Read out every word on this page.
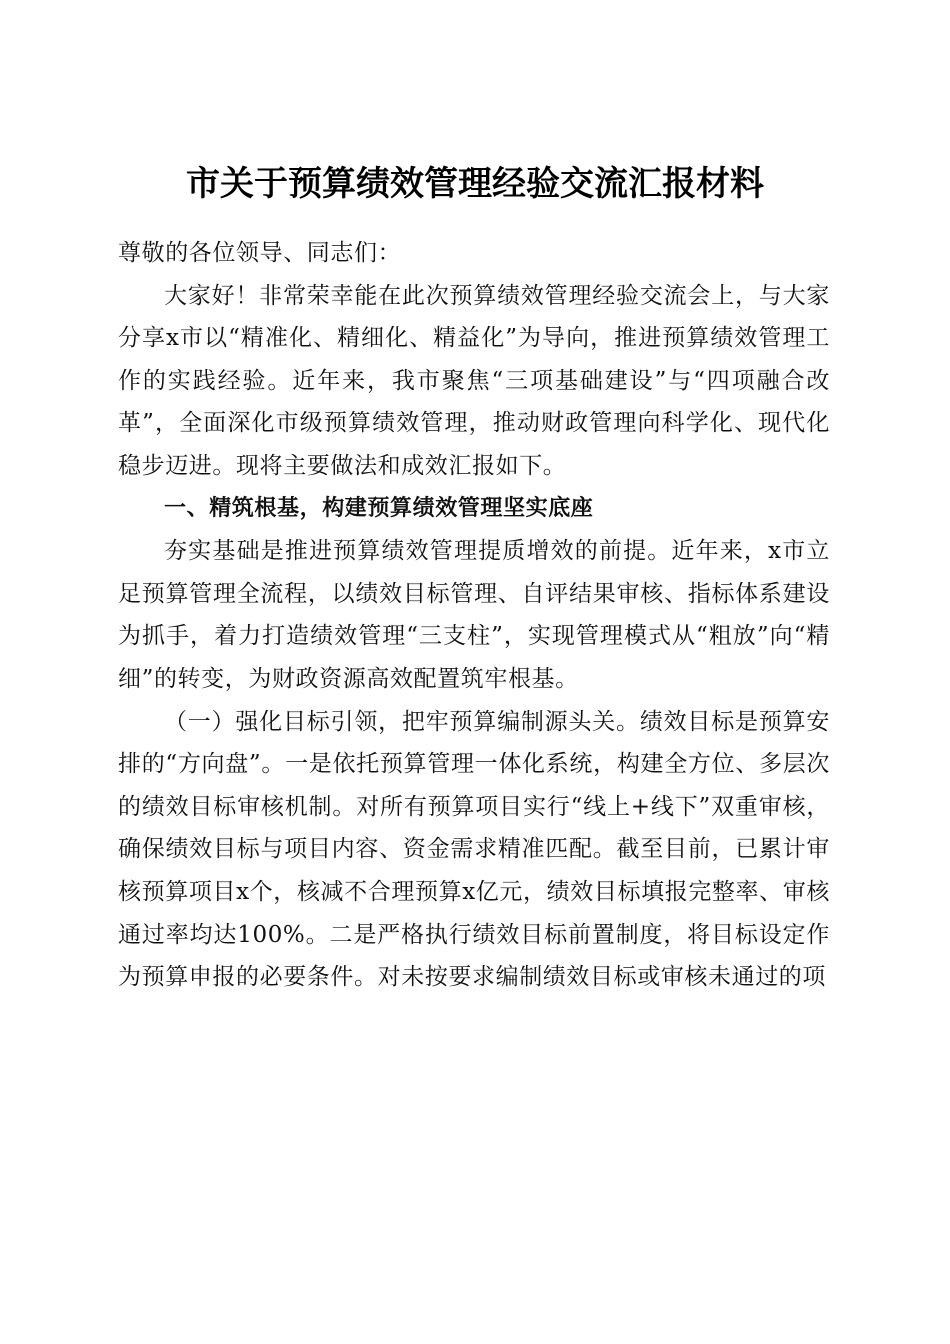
市关于预算绩效管理经验交流汇报材料

尊敬的各位领导、同志们：

大家好！非常荣幸能在此次预算绩效管理经验交流会上，与大家分享x市以“精准化、精细化、精益化”为导向，推进预算绩效管理工作的实践经验。近年来，我市聚焦“三项基础建设”与“四项融合改革”，全面深化市级预算绩效管理，推动财政管理向科学化、现代化稳步迈进。现将主要做法和成效汇报如下。

一、精筑根基，构建预算绩效管理坚实底座

夯实基础是推进预算绩效管理提质增效的前提。近年来，x市立足预算管理全流程，以绩效目标管理、自评结果审核、指标体系建设为抓手，着力打造绩效管理“三支柱”，实现管理模式从“粗放”向“精细”的转变，为财政资源高效配置筑牢根基。

（一）强化目标引领，把牢预算编制源头关。绩效目标是预算安排的“方向盘”。一是依托预算管理一体化系统，构建全方位、多层次的绩效目标审核机制。对所有预算项目实行“线上+线下”双重审核，确保绩效目标与项目内容、资金需求精准匹配。截至目前，已累计审核预算项目x个，核减不合理预算x亿元，绩效目标填报完整率、审核通过率均达100%。二是严格执行绩效目标前置制度，将目标设定作为预算申报的必要条件。对未按要求编制绩效目标或审核未通过的项
